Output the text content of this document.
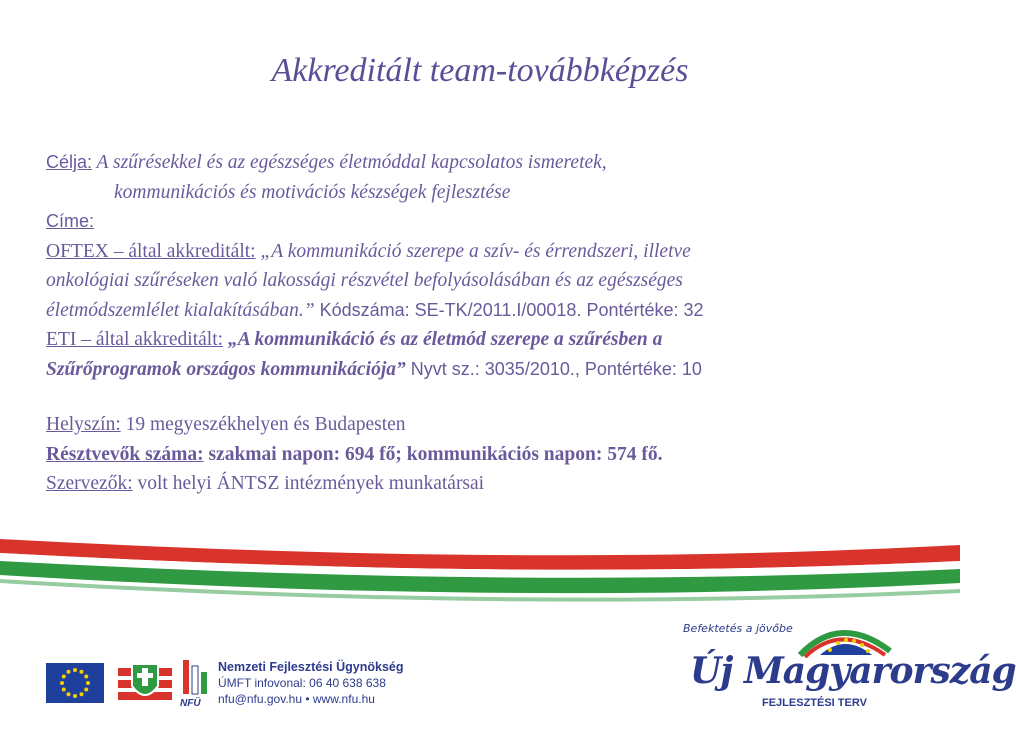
Akkreditált team-továbbképzés
Célja: A szűrésekkel és az egészséges életmóddal kapcsolatos ismeretek,
kommunikációs és motivációs készségek fejlesztése
Címe:
OFTEX – által akkreditált: „A kommunikáció szerepe a szív- és érrendszeri, illetve
onkológiai szűréseken való lakossági részvétel befolyásolásában és az egészséges
életmódszemlélet kialakításában.” Kódszáma: SE-TK/2011.I/00018. Pontértéke: 32
ETI – által akkreditált: „A kommunikáció és az életmód szerepe a szűrésben a
Szűrőprogramok országos kommunikációja” Nyvt sz.: 3035/2010., Pontértéke: 10
Helyszín: 19 megyeszékhelyen és Budapesten
Résztvevők száma: szakmai napon: 694 fő; kommunikációs napon: 574 fő.
Szervezők: volt helyi ÁNTSZ intézmények munkatársai
NFÜ
Nemzeti Fejlesztési Ügynökség
ÚMFT infovonal: 06 40 638 638
nfu@nfu.gov.hu • www.nfu.hu
Befektetés a jövőbe
Új Magyarország
FEJLESZTÉSI TERV
